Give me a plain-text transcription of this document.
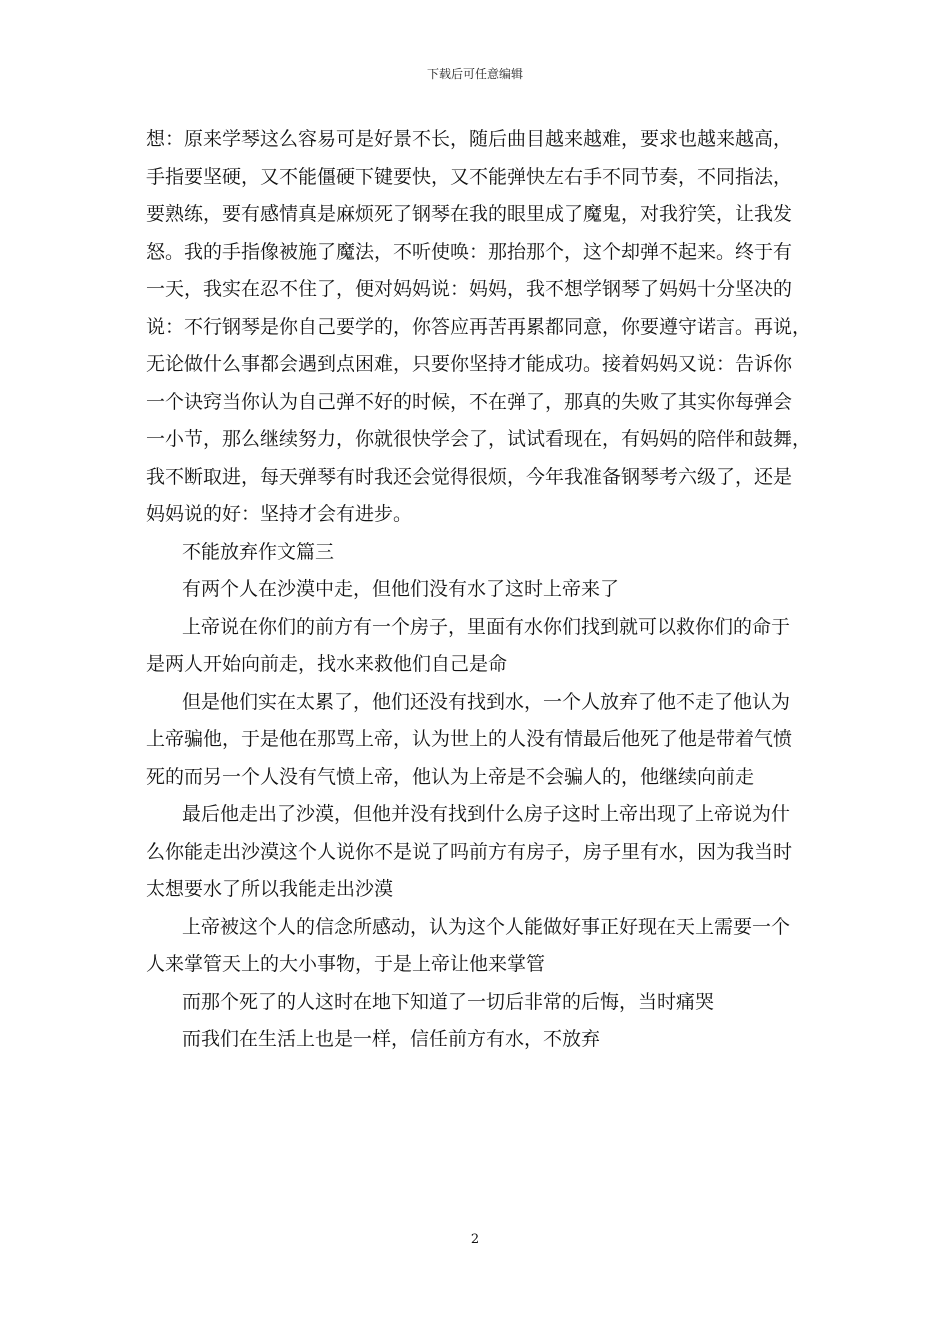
下载后可任意编辑
想：原来学琴这么容易可是好景不长，随后曲目越来越难，要求也越来越高，
手指要坚硬，又不能僵硬下键要快，又不能弹快左右手不同节奏，不同指法，
要熟练，要有感情真是麻烦死了钢琴在我的眼里成了魔鬼，对我狞笑，让我发
怒。我的手指像被施了魔法，不听使唤：那抬那个，这个却弹不起来。终于有
一天，我实在忍不住了，便对妈妈说：妈妈，我不想学钢琴了妈妈十分坚决的
说：不行钢琴是你自己要学的，你答应再苦再累都同意，你要遵守诺言。再说，
无论做什么事都会遇到点困难，只要你坚持才能成功。接着妈妈又说：告诉你
一个诀窍当你认为自己弹不好的时候，不在弹了，那真的失败了其实你每弹会
一小节，那么继续努力，你就很快学会了，试试看现在，有妈妈的陪伴和鼓舞，
我不断取进，每天弹琴有时我还会觉得很烦，今年我准备钢琴考六级了，还是
妈妈说的好：坚持才会有进步。
不能放弃作文篇三
有两个人在沙漠中走，但他们没有水了这时上帝来了
上帝说在你们的前方有一个房子，里面有水你们找到就可以救你们的命于
是两人开始向前走，找水来救他们自己是命
但是他们实在太累了，他们还没有找到水，一个人放弃了他不走了他认为
上帝骗他，于是他在那骂上帝，认为世上的人没有情最后他死了他是带着气愤
死的而另一个人没有气愤上帝，他认为上帝是不会骗人的，他继续向前走
最后他走出了沙漠，但他并没有找到什么房子这时上帝出现了上帝说为什
么你能走出沙漠这个人说你不是说了吗前方有房子，房子里有水，因为我当时
太想要水了所以我能走出沙漠
上帝被这个人的信念所感动，认为这个人能做好事正好现在天上需要一个
人来掌管天上的大小事物，于是上帝让他来掌管
而那个死了的人这时在地下知道了一切后非常的后悔，当时痛哭
而我们在生活上也是一样，信任前方有水，不放弃
2
